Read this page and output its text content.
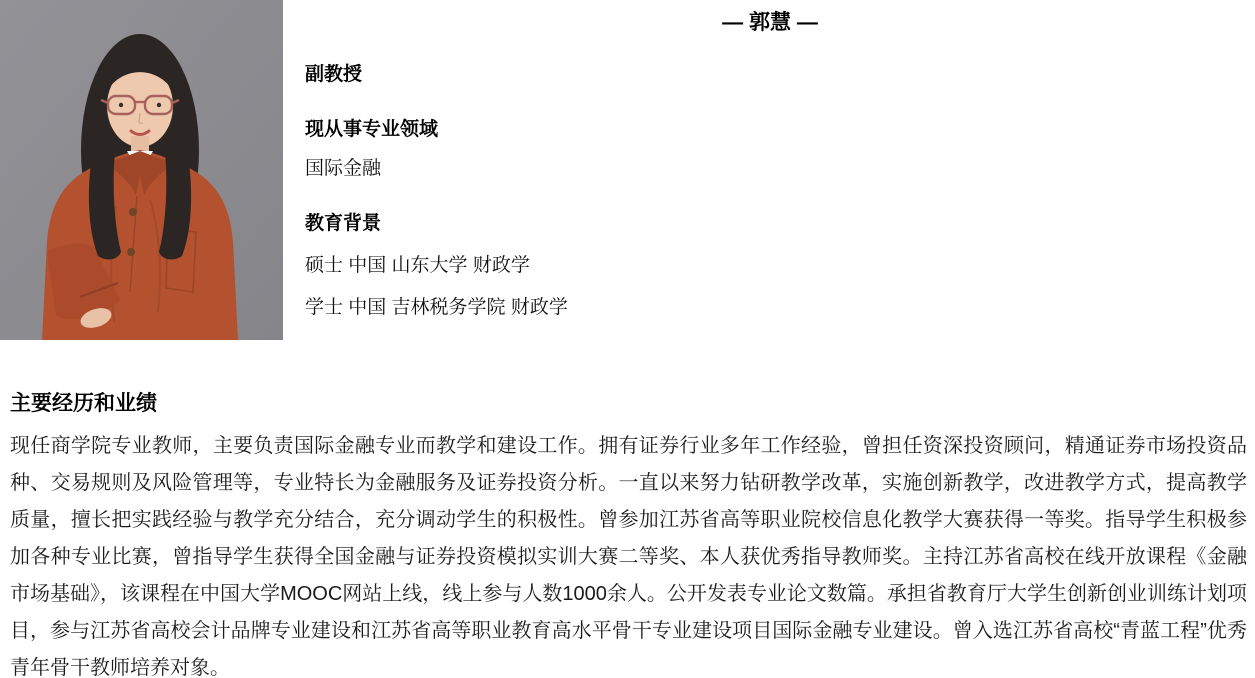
— 郭慧 —
副教授
现从事专业领域
国际金融
教育背景
硕士 中国 山东大学 财政学
学士 中国 吉林税务学院 财政学
主要经历和业绩

现任商学院专业教师，主要负责国际金融专业而教学和建设工作。拥有证券行业多年工作经验，曾担任资深投资顾问，精通证券市场投资品种、交易规则及风险管理等，专业特长为金融服务及证券投资分析。一直以来努力钻研教学改革，实施创新教学，改进教学方式，提高教学质量，擅长把实践经验与教学充分结合，充分调动学生的积极性。曾参加江苏省高等职业院校信息化教学大赛获得一等奖。指导学生积极参加各种专业比赛，曾指导学生获得全国金融与证券投资模拟实训大赛二等奖、本人获优秀指导教师奖。主持江苏省高校在线开放课程《金融市场基础》，该课程在中国大学MOOC网站上线，线上参与人数1000余人。公开发表专业论文数篇。承担省教育厅大学生创新创业训练计划项目，参与江苏省高校会计品牌专业建设和江苏省高等职业教育高水平骨干专业建设项目国际金融专业建设。曾入选江苏省高校“青蓝工程”优秀青年骨干教师培养对象。
